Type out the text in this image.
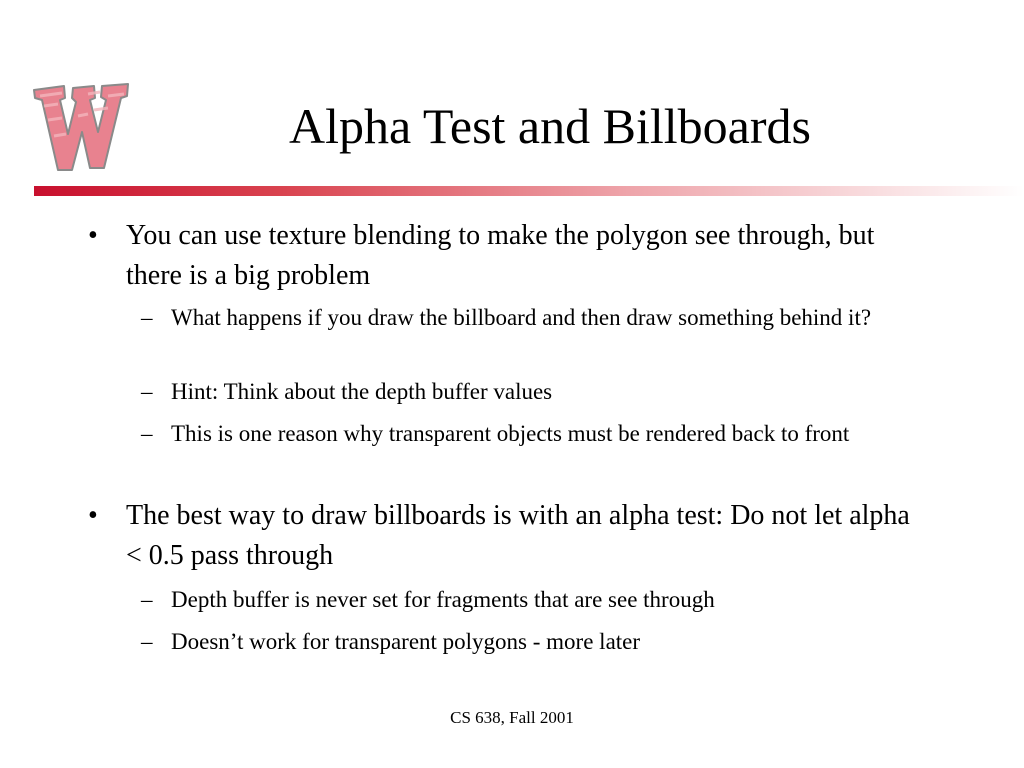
Alpha Test and Billboards
• You can use texture blending to make the polygon see through, but there is a big problem
– What happens if you draw the billboard and then draw something behind it?
– Hint: Think about the depth buffer values
– This is one reason why transparent objects must be rendered back to front
• The best way to draw billboards is with an alpha test: Do not let alpha < 0.5 pass through
– Depth buffer is never set for fragments that are see through
– Doesn’t work for transparent polygons - more later
CS 638, Fall 2001
